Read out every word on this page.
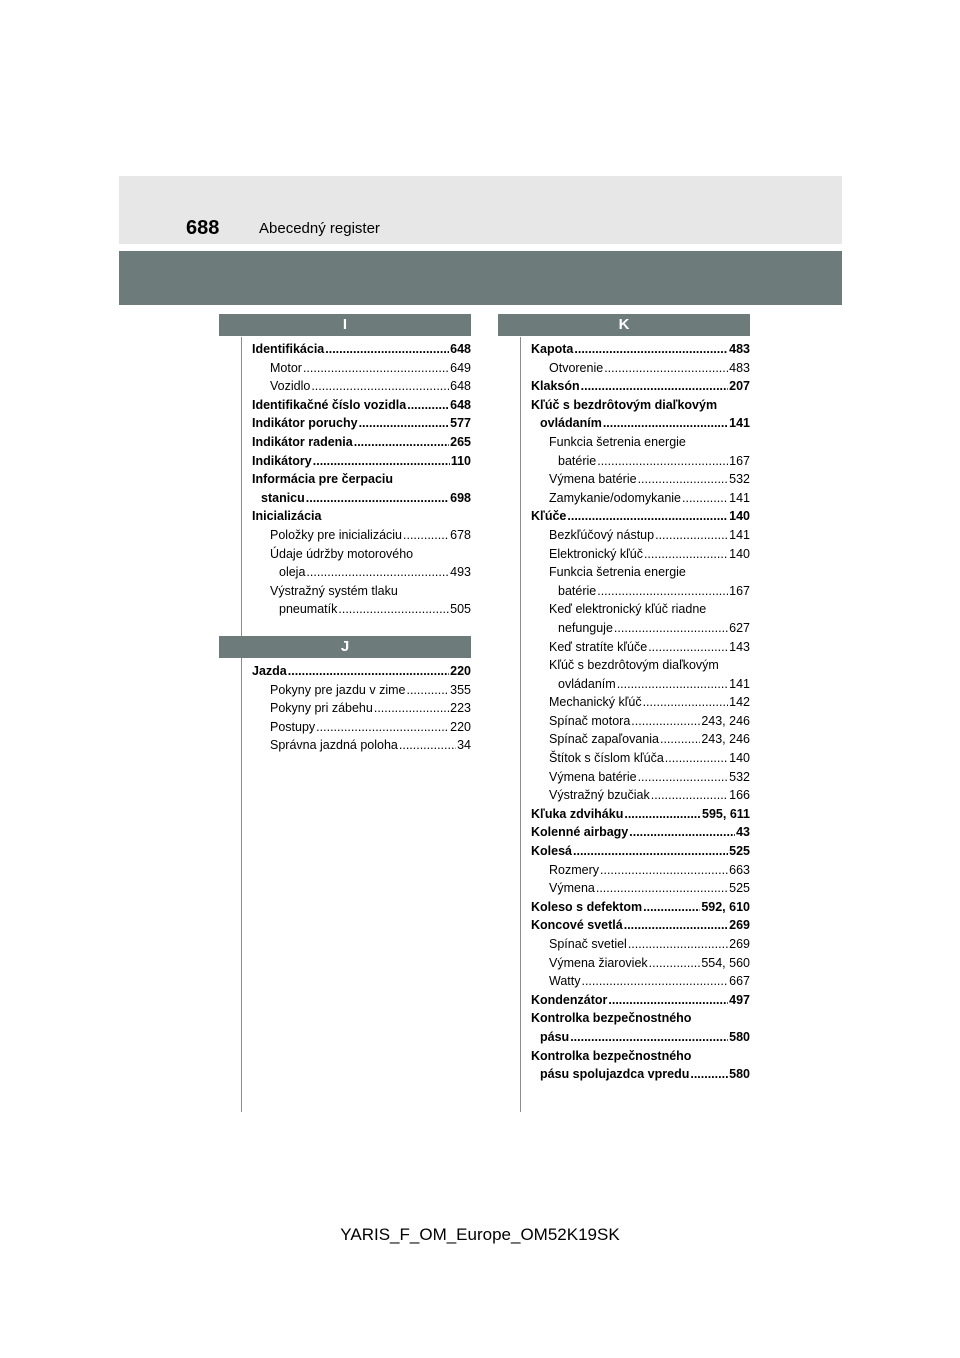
688	Abecedný register
I
Identifikácia .....	648
Motor .....	649
Vozidlo .....	648
Identifikačné číslo vozidla .....	648
Indikátor poruchy .....	577
Indikátor radenia .....	265
Indikátory .....	110
Informácia pre čerpaciu
stanicu .....	698
Inicializácia
Položky pre inicializáciu .....	678
Údaje údržby motorového
oleja .....	493
Výstražný systém tlaku
pneumatík .....	505
J
Jazda .....	220
Pokyny pre jazdu v zime .....	355
Pokyny pri zábehu .....	223
Postupy .....	220
Správna jazdná poloha .....	34
K
Kapota .....	483
Otvorenie .....	483
Klaksón .....	207
Kľúč s bezdrôtovým diaľkovým
ovládaním .....	141
Funkcia šetrenia energie
batérie .....	167
Výmena batérie .....	532
Zamykanie/odomykanie .....	141
Kľúče .....	140
Bezkľúčový nástup .....	141
Elektronický kľúč .....	140
Funkcia šetrenia energie
batérie .....	167
Keď elektronický kľúč riadne
nefunguje .....	627
Keď stratíte kľúče .....	143
Kľúč s bezdrôtovým diaľkovým
ovládaním .....	141
Mechanický kľúč .....	142
Spínač motora .....	243, 246
Spínač zapaľovania .....	243, 246
Štítok s číslom kľúča .....	140
Výmena batérie .....	532
Výstražný bzučiak .....	166
Kľuka zdviháku .....	595, 611
Kolenné airbagy .....	43
Kolesá .....	525
Rozmery .....	663
Výmena .....	525
Koleso s defektom .....	592, 610
Koncové svetlá .....	269
Spínač svetiel .....	269
Výmena žiaroviek .....	554, 560
Watty .....	667
Kondenzátor .....	497
Kontrolka bezpečnostného
pásu .....	580
Kontrolka bezpečnostného
pásu spolujazdca vpredu .....	580
YARIS_F_OM_Europe_OM52K19SK
